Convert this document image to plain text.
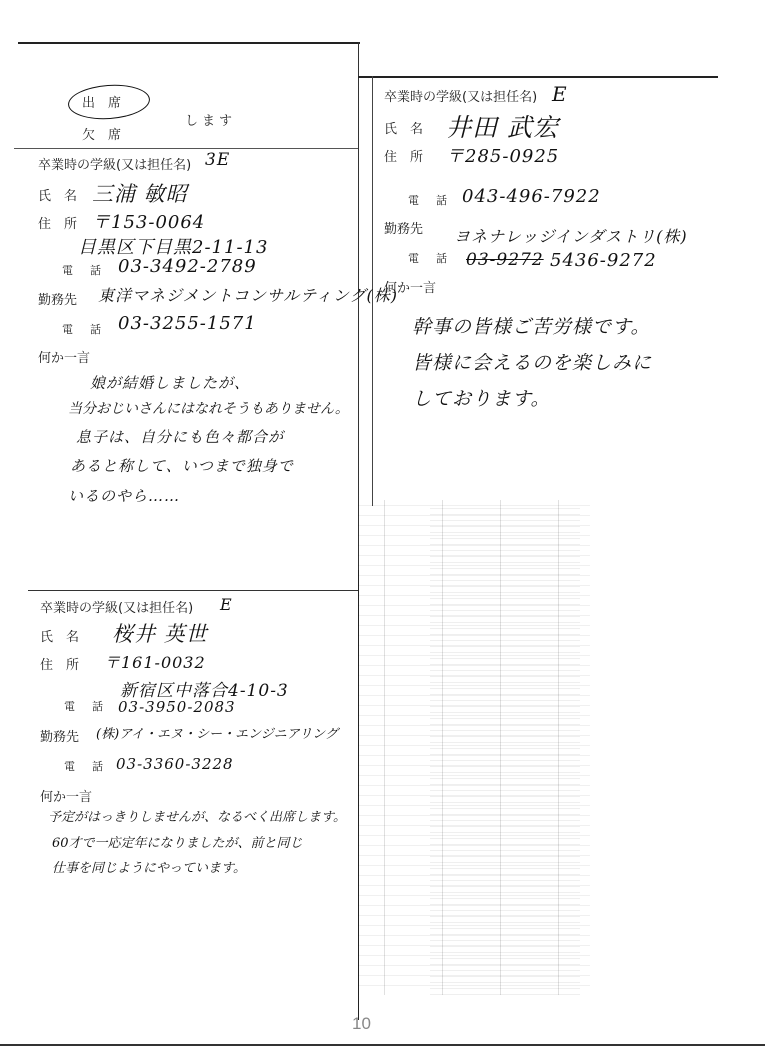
出　席
欠　席
します
卒業時の学級(又は担任名) 3E
氏　名 三浦 敏昭
住　所 〒153-0064
目黒区下目黒2-11-13
電　話 03-3492-2789
勤務先 東洋マネジメントコンサルティング(株)
電　話 03-3255-1571
何か一言
娘が結婚しましたが、
当分おじいさんにはなれそうもありません。
息子は、自分にも色々都合が
あると称して、いつまで独身で
いるのやら……
卒業時の学級(又は担任名) E
氏　名 井田 武宏
住　所 〒285-0925
電　話 043-496-7922
勤務先 ヨネナレッジインダストリ(株)
電　話 03-9272 5436-9272
何か一言
幹事の皆様ご苦労様です。
皆様に会えるのを楽しみに
しております。
卒業時の学級(又は担任名) E
氏　名 桜井 英世
住　所 〒161-0032
新宿区中落合4-10-3
電　話 03-3950-2083
勤務先 (株)アイ・エヌ・シー・エンジニアリング
電　話 03-3360-3228
何か一言
予定がはっきりしませんが、なるべく出席します。
60才で一応定年になりましたが、前と同じ
仕事を同じようにやっています。
10
